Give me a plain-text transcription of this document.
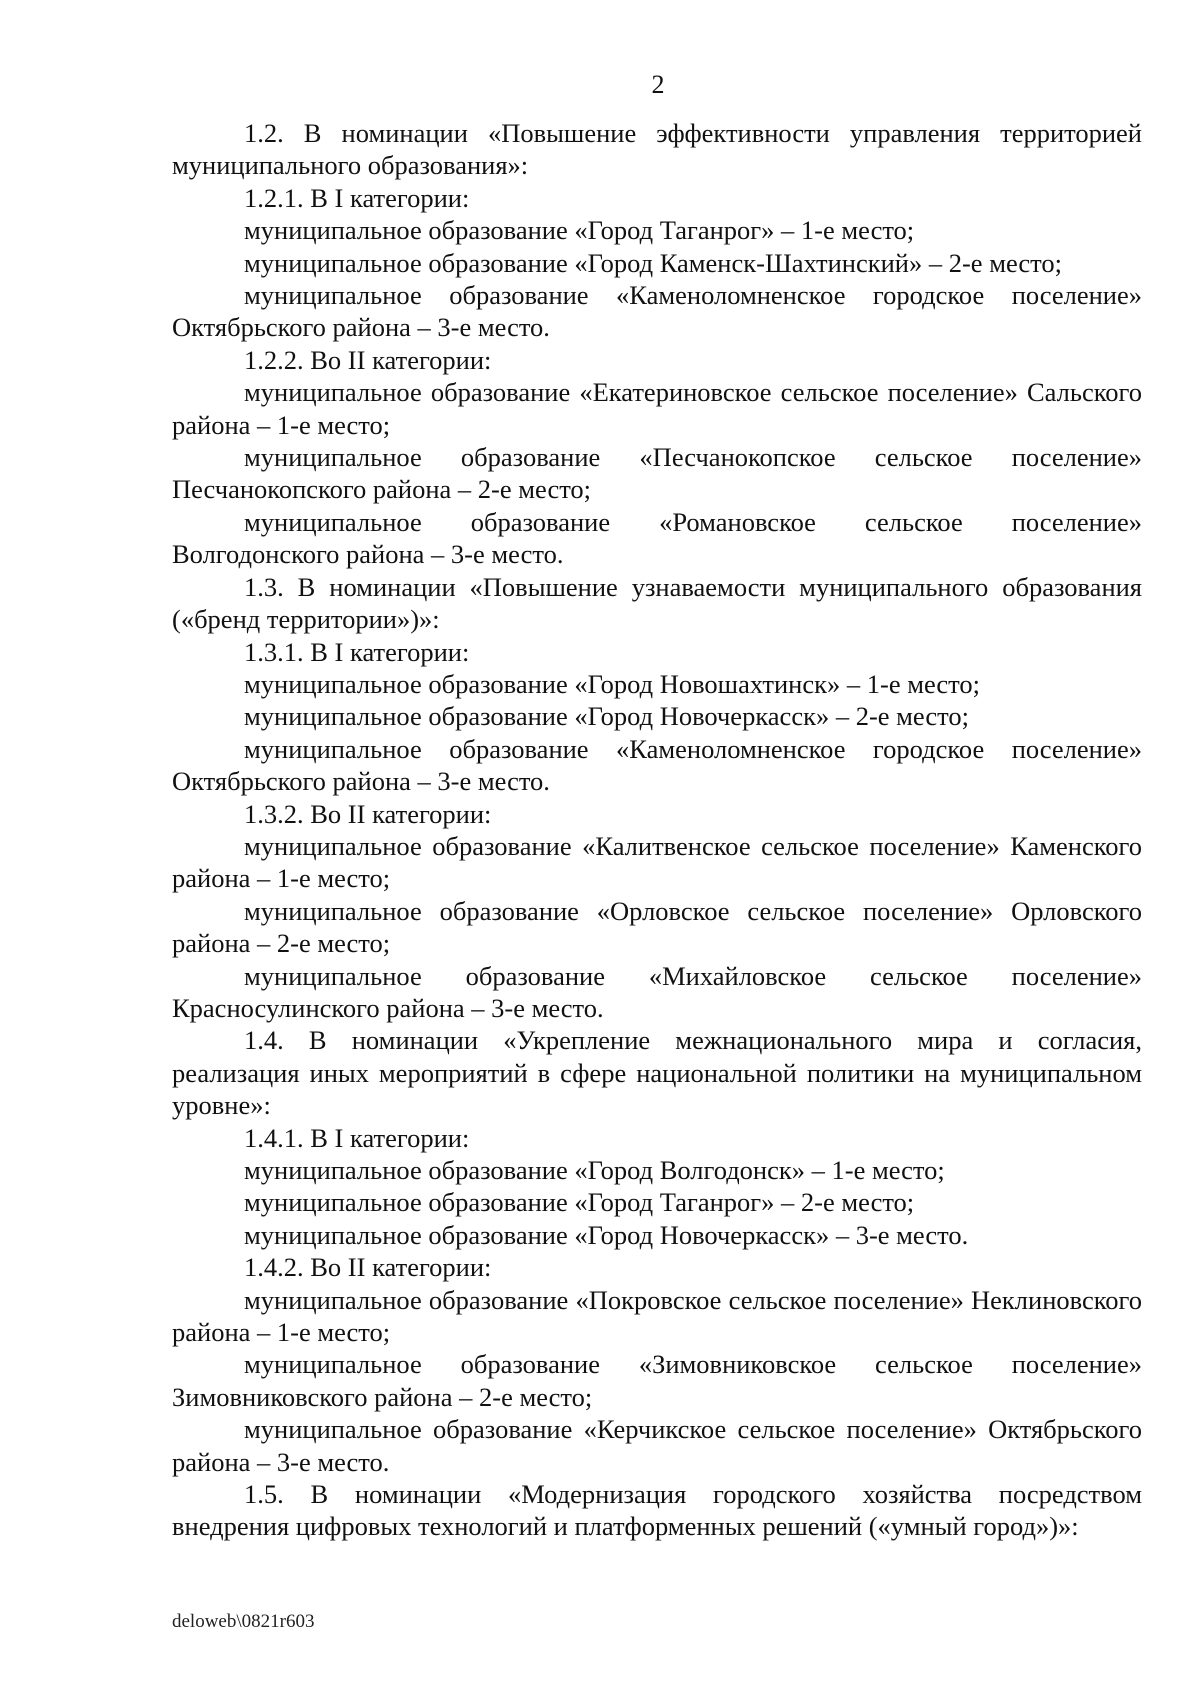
2

1.2. В номинации «Повышение эффективности управления территорией муниципального образования»:

1.2.1. В I категории:

муниципальное образование «Город Таганрог» – 1-е место;

муниципальное образование «Город Каменск-Шахтинский» – 2-е место;

муниципальное образование «Каменоломненское городское поселение» Октябрьского района – 3-е место.

1.2.2. Во II категории:

муниципальное образование «Екатериновское сельское поселение» Сальского района – 1-е место;

муниципальное образование «Песчанокопское сельское поселение» Песчанокопского района – 2-е место;

муниципальное образование «Романовское сельское поселение» Волгодонского района – 3-е место.

1.3. В номинации «Повышение узнаваемости муниципального образования («бренд территории»)»:

1.3.1. В I категории:

муниципальное образование «Город Новошахтинск» – 1-е место;

муниципальное образование «Город Новочеркасск» – 2-е место;

муниципальное образование «Каменоломненское городское поселение» Октябрьского района – 3-е место.

1.3.2. Во II категории:

муниципальное образование «Калитвенское сельское поселение» Каменского района – 1-е место;

муниципальное образование «Орловское сельское поселение» Орловского района – 2-е место;

муниципальное образование «Михайловское сельское поселение» Красносулинского района – 3-е место.

1.4. В номинации «Укрепление межнационального мира и согласия, реализация иных мероприятий в сфере национальной политики на муниципальном уровне»:

1.4.1. В I категории:

муниципальное образование «Город Волгодонск» – 1-е место;

муниципальное образование «Город Таганрог» – 2-е место;

муниципальное образование «Город Новочеркасск» – 3-е место.

1.4.2. Во II категории:

муниципальное образование «Покровское сельское поселение» Неклиновского района – 1-е место;

муниципальное образование «Зимовниковское сельское поселение» Зимовниковского района – 2-е место;

муниципальное образование «Керчикское сельское поселение» Октябрьского района – 3-е место.

1.5. В номинации «Модернизация городского хозяйства посредством внедрения цифровых технологий и платформенных решений («умный город»)»:

deloweb\0821r603
